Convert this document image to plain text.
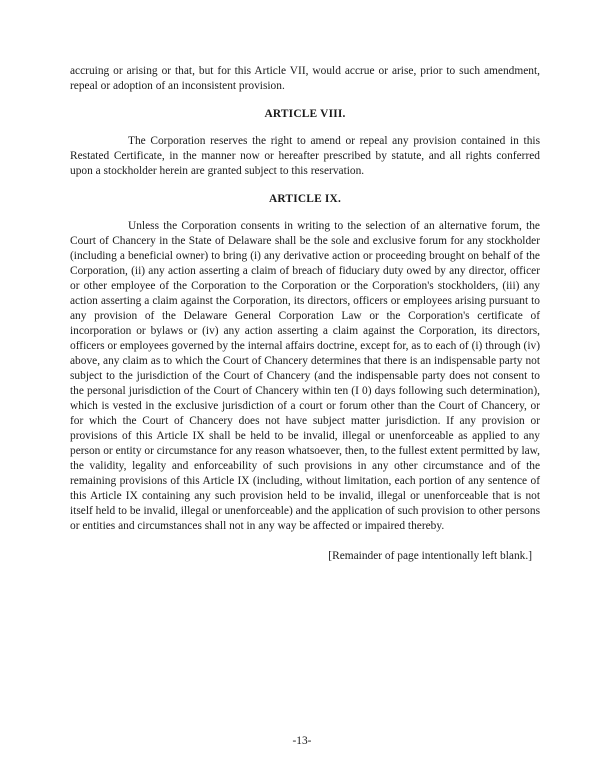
accruing or arising or that, but for this Article VII, would accrue or arise, prior to such amendment, repeal or adoption of an inconsistent provision.

ARTICLE VIII.

The Corporation reserves the right to amend or repeal any provision contained in this Restated Certificate, in the manner now or hereafter prescribed by statute, and all rights conferred upon a stockholder herein are granted subject to this reservation.

ARTICLE IX.

Unless the Corporation consents in writing to the selection of an alternative forum, the Court of Chancery in the State of Delaware shall be the sole and exclusive forum for any stockholder (including a beneficial owner) to bring (i) any derivative action or proceeding brought on behalf of the Corporation, (ii) any action asserting a claim of breach of fiduciary duty owed by any director, officer or other employee of the Corporation to the Corporation or the Corporation's stockholders, (iii) any action asserting a claim against the Corporation, its directors, officers or employees arising pursuant to any provision of the Delaware General Corporation Law or the Corporation's certificate of incorporation or bylaws or (iv) any action asserting a claim against the Corporation, its directors, officers or employees governed by the internal affairs doctrine, except for, as to each of (i) through (iv) above, any claim as to which the Court of Chancery determines that there is an indispensable party not subject to the jurisdiction of the Court of Chancery (and the indispensable party does not consent to the personal jurisdiction of the Court of Chancery within ten (I 0) days following such determination), which is vested in the exclusive jurisdiction of a court or forum other than the Court of Chancery, or for which the Court of Chancery does not have subject matter jurisdiction. If any provision or provisions of this Article IX shall be held to be invalid, illegal or unenforceable as applied to any person or entity or circumstance for any reason whatsoever, then, to the fullest extent permitted by law, the validity, legality and enforceability of such provisions in any other circumstance and of the remaining provisions of this Article IX (including, without limitation, each portion of any sentence of this Article IX containing any such provision held to be invalid, illegal or unenforceable that is not itself held to be invalid, illegal or unenforceable) and the application of such provision to other persons or entities and circumstances shall not in any way be affected or impaired thereby.

[Remainder of page intentionally left blank.]

-13-
